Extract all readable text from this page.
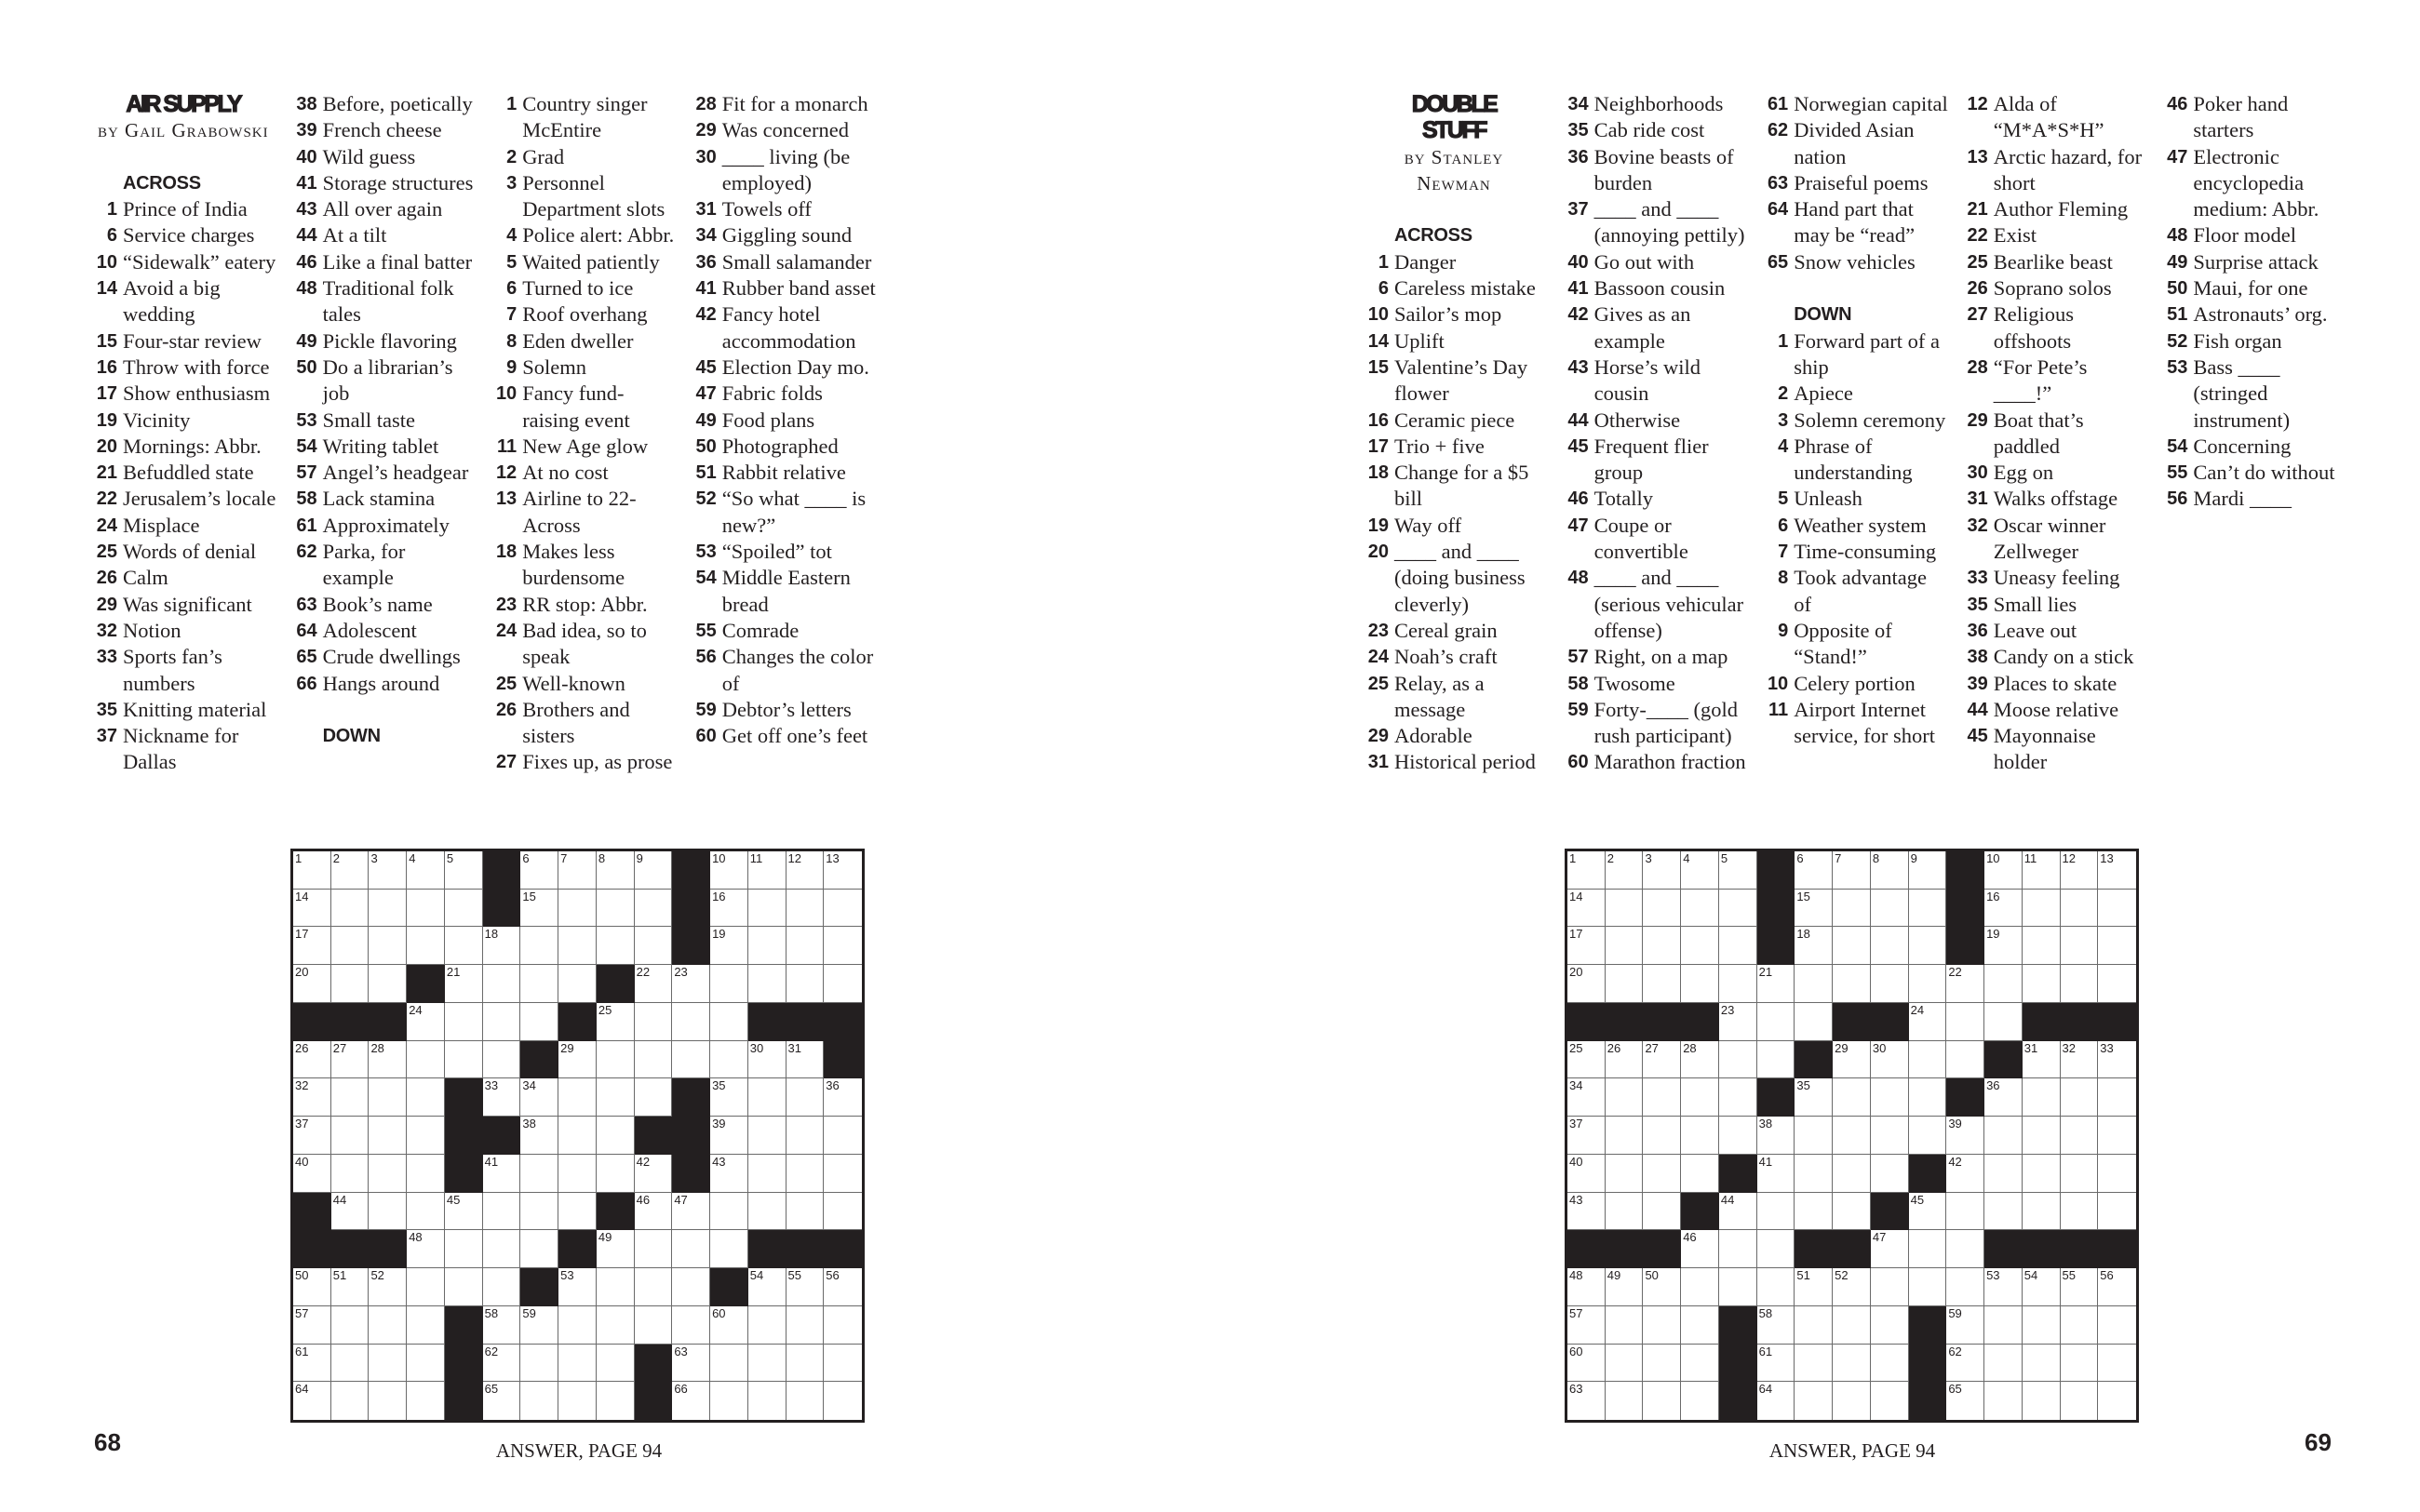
AIR SUPPLY
by Gail Grabowski
ACROSS
1 Prince of India
6 Service charges
10 “Sidewalk” eatery
14 Avoid a big wedding
15 Four-star review
16 Throw with force
17 Show enthusiasm
19 Vicinity
20 Mornings: Abbr.
21 Befuddled state
22 Jerusalem’s locale
24 Misplace
25 Words of denial
26 Calm
29 Was significant
32 Notion
33 Sports fan’s numbers
35 Knitting material
37 Nickname for Dallas
38 Before, poetically
39 French cheese
40 Wild guess
41 Storage structures
43 All over again
44 At a tilt
46 Like a final batter
48 Traditional folk tales
49 Pickle flavoring
50 Do a librarian’s job
53 Small taste
54 Writing tablet
57 Angel’s headgear
58 Lack stamina
61 Approximately
62 Parka, for example
63 Book’s name
64 Adolescent
65 Crude dwellings
66 Hangs around
DOWN
1 Country singer McEntire
2 Grad
3 Personnel Department slots
4 Police alert: Abbr.
5 Waited patiently
6 Turned to ice
7 Roof overhang
8 Eden dweller
9 Solemn
10 Fancy fund-raising event
11 New Age glow
12 At no cost
13 Airline to 22-Across
18 Makes less burdensome
23 RR stop: Abbr.
24 Bad idea, so to speak
25 Well-known
26 Brothers and sisters
27 Fixes up, as prose
28 Fit for a monarch
29 Was concerned
30 ____ living (be employed)
31 Towels off
34 Giggling sound
36 Small salamander
41 Rubber band asset
42 Fancy hotel accommodation
45 Election Day mo.
47 Fabric folds
49 Food plans
50 Photographed
51 Rabbit relative
52 “So what ____ is new?”
53 “Spoiled” tot
54 Middle Eastern bread
55 Comrade
56 Changes the color of
59 Debtor’s letters
60 Get off one’s feet
DOUBLE STUFF
by Stanley Newman
ACROSS
1 Danger
6 Careless mistake
10 Sailor’s mop
14 Uplift
15 Valentine’s Day flower
16 Ceramic piece
17 Trio + five
18 Change for a $5 bill
19 Way off
20 ____ and ____ (doing business cleverly)
23 Cereal grain
24 Noah’s craft
25 Relay, as a message
29 Adorable
31 Historical period
34 Neighborhoods
35 Cab ride cost
36 Bovine beasts of burden
37 ____ and ____ (annoying pettily)
40 Go out with
41 Bassoon cousin
42 Gives as an example
43 Horse’s wild cousin
44 Otherwise
45 Frequent flier group
46 Totally
47 Coupe or convertible
48 ____ and ____ (serious vehicular offense)
57 Right, on a map
58 Twosome
59 Forty-____ (gold rush participant)
60 Marathon fraction
61 Norwegian capital
62 Divided Asian nation
63 Praiseful poems
64 Hand part that may be “read”
65 Snow vehicles
DOWN
1 Forward part of a ship
2 Apiece
3 Solemn ceremony
4 Phrase of understanding
5 Unleash
6 Weather system
7 Time-consuming
8 Took advantage of
9 Opposite of “Stand!”
10 Celery portion
11 Airport Internet service, for short
12 Alda of “M*A*S*H”
13 Arctic hazard, for short
21 Author Fleming
22 Exist
25 Bearlike beast
26 Soprano solos
27 Religious offshoots
28 “For Pete’s ____!”
29 Boat that’s paddled
30 Egg on
31 Walks offstage
32 Oscar winner Zellweger
33 Uneasy feeling
35 Small lies
36 Leave out
38 Candy on a stick
39 Places to skate
44 Moose relative
45 Mayonnaise holder
46 Poker hand starters
47 Electronic encyclopedia medium: Abbr.
48 Floor model
49 Surprise attack
50 Maui, for one
51 Astronauts’ org.
52 Fish organ
53 Bass ____ (stringed instrument)
54 Concerning
55 Can’t do without
56 Mardi ____
1	2	3	4	5	6	7	8	9	10 11 12 13
14	15	16
17	18	19
20	21	22 23
24	25
26 27 28	29	30 31
32	33 34	35	36
37	38	39
40	41	42	43
44	45	46 47
48	49
50 51 52	53	54 55 56
57	58 59	60
61	62	63
64	65	66
1	2	3	4	5	6	7	8	9	10 11 12 13
14	15	16
17	18	19
20	21	22
23	24
25 26 27 28	29 30	31 32 33
34	35	36
37	38	39
40	41	42
43	44	45
46	47
48 49 50	51 52	53 54 55 56
57	58	59
60	61	62
63	64	65
68	ANSWER, PAGE 94	ANSWER, PAGE 94	69
